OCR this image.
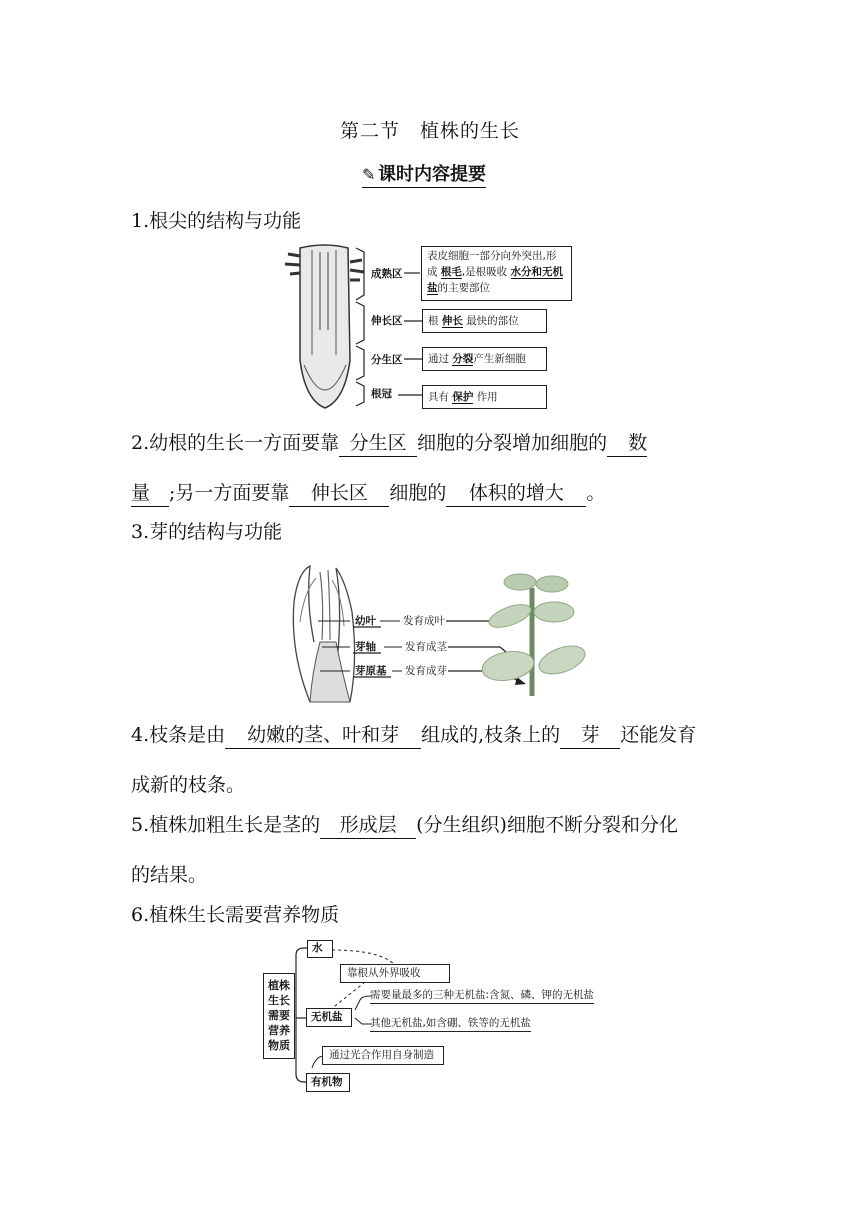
第二节　植株的生长
✎ 课时内容提要
1.根尖的结构与功能
成熟区
伸长区
分生区
根冠
表皮细胞一部分向外突出,形
成 根毛,是根吸收 水分和无机
盐的主要部位
根 伸长 最快的部位
通过 分裂产生新细胞
具有 保护 作用
2.幼根的生长一方面要靠 分生区 细胞的分裂增加细胞的 数
量 ;另一方面要靠 伸长区 细胞的 体积的增大 。
3.芽的结构与功能
幼叶
芽轴
芽原基
发育成叶
发育成茎
发育成芽
4.枝条是由 幼嫩的茎、叶和芽 组成的,枝条上的 芽 还能发育
成新的枝条。
5.植株加粗生长是茎的 形成层 (分生组织)细胞不断分裂和分化
的结果。
6.植株生长需要营养物质
植株
生长
需要
营养
物质
水
靠根从外界吸收
无机盐
需要量最多的三种无机盐:含氮、磷、钾的无机盐
其他无机盐,如含硼、铁等的无机盐
通过光合作用自身制造
有机物
